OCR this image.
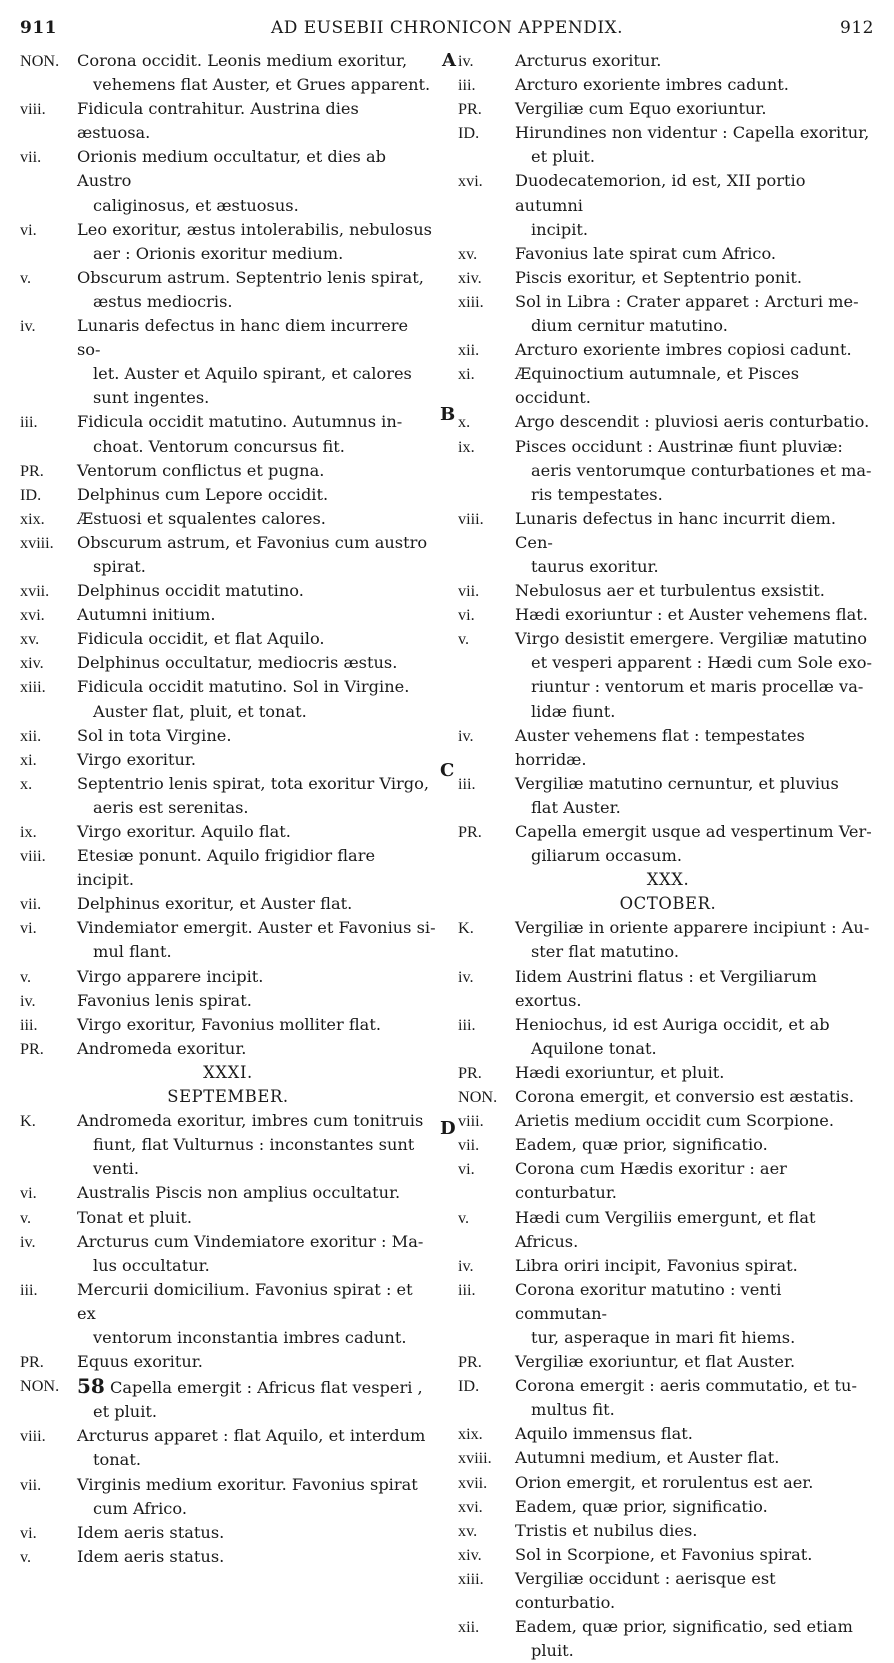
AD EUSEBII CHRONICON APPENDIX.
911	912
A
B
C
D
NON.	Corona occidit. Leonis medium exoritur,
vehemens flat Auster, et Grues apparent.
viii.	Fidicula contrahitur. Austrina dies æstuosa.
vii.	Orionis medium occultatur, et dies ab Austro
caliginosus, et æstuosus.
vi.	Leo exoritur, æstus intolerabilis, nebulosus
aer : Orionis exoritur medium.
v.	Obscurum astrum. Septentrio lenis spirat,
æstus mediocris.
iv.	Lunaris defectus in hanc diem incurrere so-
let. Auster et Aquilo spirant, et calores
sunt ingentes.
iii.	Fidicula occidit matutino. Autumnus in-
choat. Ventorum concursus fit.
PR.	Ventorum conflictus et pugna.
ID.	Delphinus cum Lepore occidit.
xix.	Æstuosi et squalentes calores.
xviii.	Obscurum astrum, et Favonius cum austro
spirat.
xvii.	Delphinus occidit matutino.
xvi.	Autumni initium.
xv.	Fidicula occidit, et flat Aquilo.
xiv.	Delphinus occultatur, mediocris æstus.
xiii.	Fidicula occidit matutino. Sol in Virgine.
Auster flat, pluit, et tonat.
xii.	Sol in tota Virgine.
xi.	Virgo exoritur.
x.	Septentrio lenis spirat, tota exoritur Virgo,
aeris est serenitas.
ix.	Virgo exoritur. Aquilo flat.
viii.	Etesiæ ponunt. Aquilo frigidior flare incipit.
vii.	Delphinus exoritur, et Auster flat.
vi.	Vindemiator emergit. Auster et Favonius si-
mul flant.
v.	Virgo apparere incipit.
iv.	Favonius lenis spirat.
iii.	Virgo exoritur, Favonius molliter flat.
PR.	Andromeda exoritur.
XXXI.
SEPTEMBER.
K.	Andromeda exoritur, imbres cum tonitruis
fiunt, flat Vulturnus : inconstantes sunt
venti.
vi.	Australis Piscis non amplius occultatur.
v.	Tonat et pluit.
iv.	Arcturus cum Vindemiatore exoritur : Ma-
lus occultatur.
iii.	Mercurii domicilium. Favonius spirat : et ex
ventorum inconstantia imbres cadunt.
PR.	Equus exoritur.
NON. 58 Capella emergit : Africus flat vesperi ,
et pluit.
viii.	Arcturus apparet : flat Aquilo, et interdum
tonat.
vii.	Virginis medium exoritur. Favonius spirat
cum Africo.
vi.	Idem aeris status.
v.	Idem aeris status.
iv.	Arcturus exoritur.
iii.	Arcturo exoriente imbres cadunt.
PR.	Vergiliæ cum Equo exoriuntur.
ID.	Hirundines non videntur : Capella exoritur,
et pluit.
xvi.	Duodecatemorion, id est, XII portio autumni
incipit.
xv.	Favonius late spirat cum Africo.
xiv.	Piscis exoritur, et Septentrio ponit.
xiii.	Sol in Libra : Crater apparet : Arcturi me-
dium cernitur matutino.
xii.	Arcturo exoriente imbres copiosi cadunt.
xi.	Æquinoctium autumnale, et Pisces occidunt.
x.	Argo descendit : pluviosi aeris conturbatio.
ix.	Pisces occidunt : Austrinæ fiunt pluviæ:
aeris ventorumque conturbationes et ma-
ris tempestates.
viii.	Lunaris defectus in hanc incurrit diem. Cen-
taurus exoritur.
vii.	Nebulosus aer et turbulentus exsistit.
vi.	Hædi exoriuntur : et Auster vehemens flat.
v.	Virgo desistit emergere. Vergiliæ matutino
et vesperi apparent : Hædi cum Sole exo-
riuntur : ventorum et maris procellæ va-
lidæ fiunt.
iv.	Auster vehemens flat : tempestates horridæ.
iii.	Vergiliæ matutino cernuntur, et pluvius
flat Auster.
PR.	Capella emergit usque ad vespertinum Ver-
giliarum occasum.
XXX.
OCTOBER.
K.	Vergiliæ in oriente apparere incipiunt : Au-
ster flat matutino.
iv.	Iidem Austrini flatus : et Vergiliarum exortus.
iii.	Heniochus, id est Auriga occidit, et ab
Aquilone tonat.
PR.	Hædi exoriuntur, et pluit.
NON.	Corona emergit, et conversio est æstatis.
viii.	Arietis medium occidit cum Scorpione.
vii.	Eadem, quæ prior, significatio.
vi.	Corona cum Hædis exoritur : aer conturbatur.
v.	Hædi cum Vergiliis emergunt, et flat Africus.
iv.	Libra oriri incipit, Favonius spirat.
iii.	Corona exoritur matutino : venti commutan-
tur, asperaque in mari fit hiems.
PR.	Vergiliæ exoriuntur, et flat Auster.
ID.	Corona emergit : aeris commutatio, et tu-
multus fit.
xix.	Aquilo immensus flat.
xviii.	Autumni medium, et Auster flat.
xvii.	Orion emergit, et rorulentus est aer.
xvi.	Eadem, quæ prior, significatio.
xv.	Tristis et nubilus dies.
xiv.	Sol in Scorpione, et Favonius spirat.
xiii.	Vergiliæ occidunt : aerisque est conturbatio.
xii.	Eadem, quæ prior, significatio, sed etiam
pluit.
